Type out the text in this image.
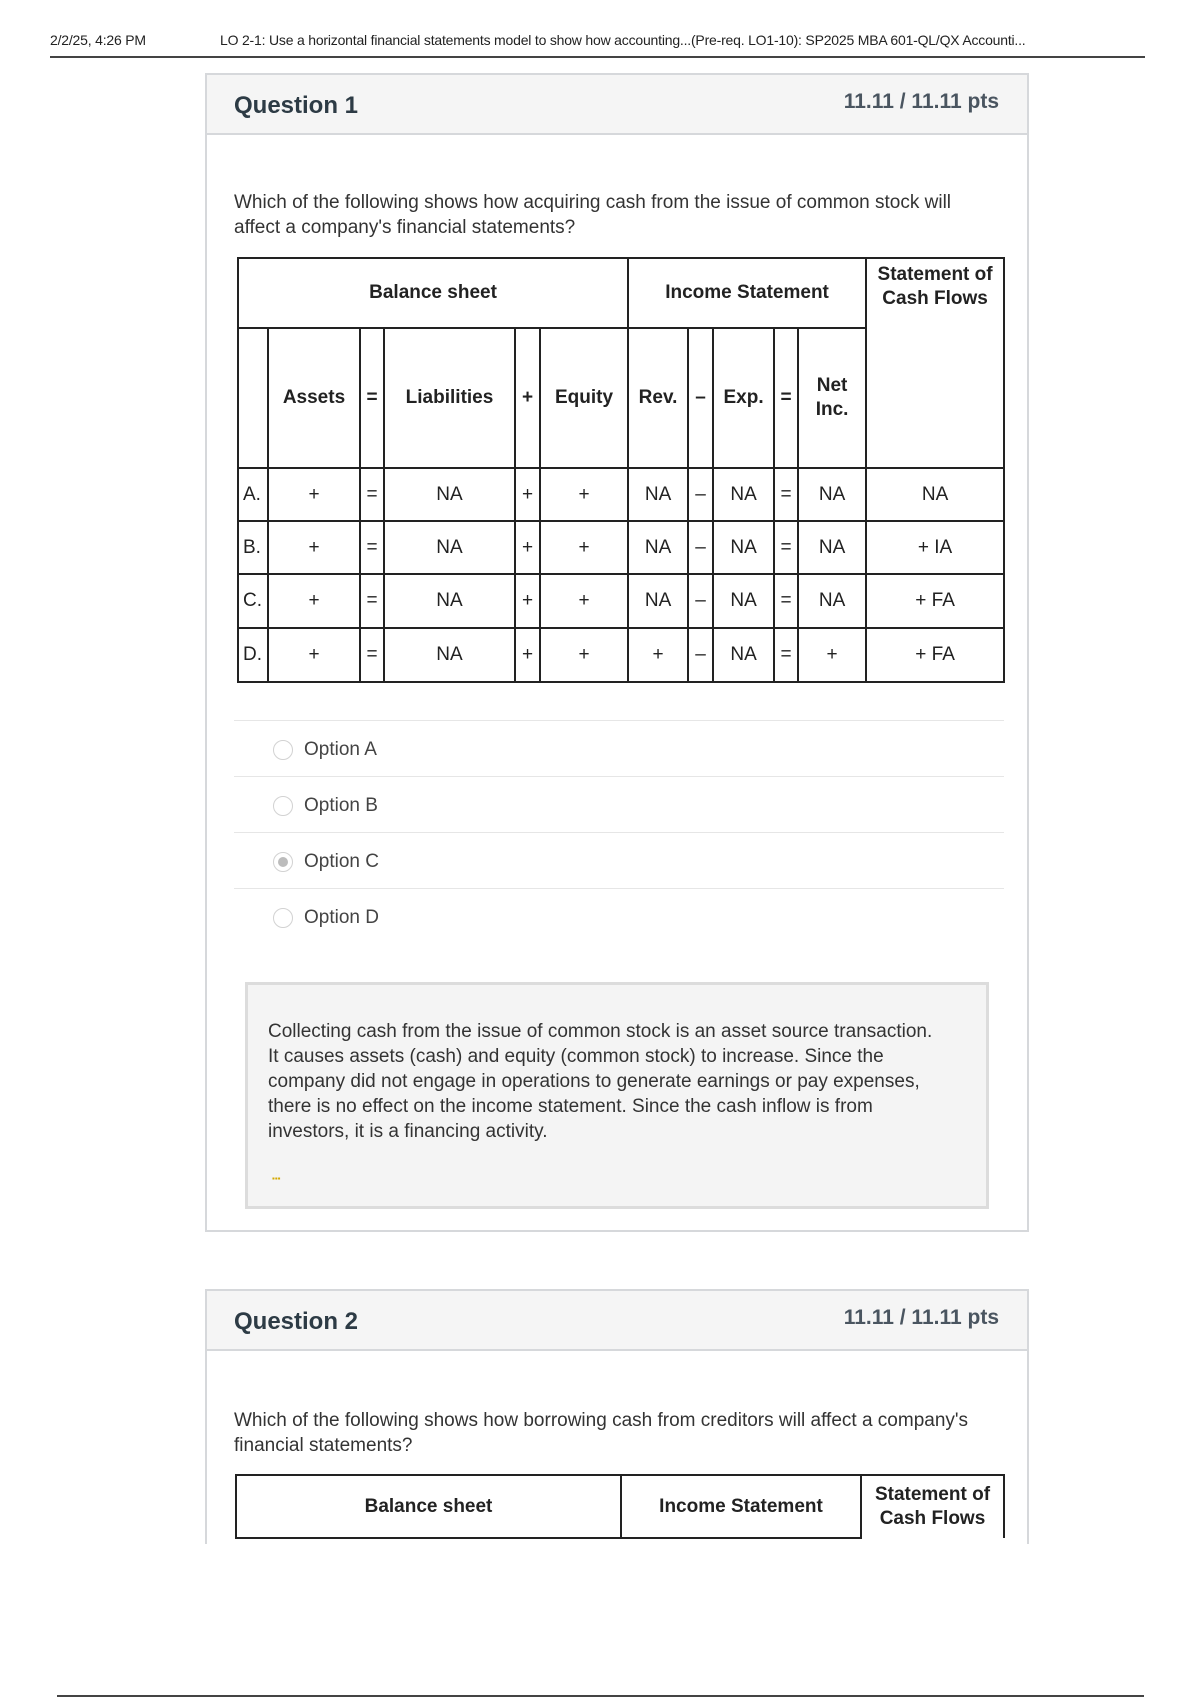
2/2/25, 4:26 PM	LO 2-1: Use a horizontal financial statements model to show how accounting...(Pre-req. LO1-10): SP2025 MBA 601-QL/QX Accounti...
Question 1	11.11 / 11.11 pts
Which of the following shows how acquiring cash from the issue of common stock will affect a company's financial statements?
Balance sheet						Income Statement					Statement of Cash Flows
	Assets	=	Liabilities	+	Equity	Rev.	–	Exp.	=	Net Inc.	
A.	+	=	NA	+	+	NA	–	NA	=	NA	NA
B.	+	=	NA	+	+	NA	–	NA	=	NA	+ IA
C.	+	=	NA	+	+	NA	–	NA	=	NA	+ FA
D.	+	=	NA	+	+	+	–	NA	=	+	+ FA
Option A
Option B
Option C
Option D
Collecting cash from the issue of common stock is an asset source transaction. It causes assets (cash) and equity (common stock) to increase. Since the company did not engage in operations to generate earnings or pay expenses, there is no effect on the income statement. Since the cash inflow is from investors, it is a financing activity.
▪▪▪
Question 2	11.11 / 11.11 pts
Which of the following shows how borrowing cash from creditors will affect a company's financial statements?
Balance sheet	Income Statement	Statement of Cash Flows
